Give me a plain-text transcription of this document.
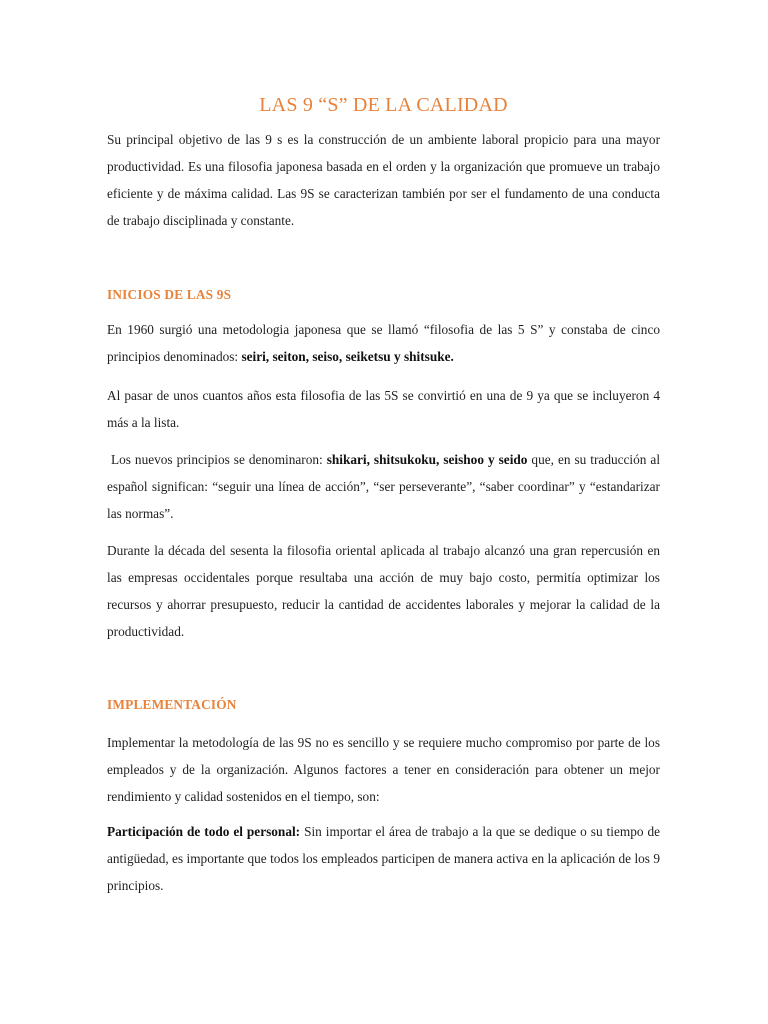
LAS 9 “S” DE LA CALIDAD

Su principal objetivo de las 9 s es la construcción de un ambiente laboral propicio para una mayor productividad. Es una filosofia japonesa basada en el orden y la organización que promueve un trabajo eficiente y de máxima calidad. Las 9S se caracterizan también por ser el fundamento de una conducta de trabajo disciplinada y constante.

INICIOS DE LAS 9S

En 1960 surgió una metodologia japonesa que se llamó “filosofia de las 5 S” y constaba de cinco principios denominados: seiri, seiton, seiso, seiketsu y shitsuke.

Al pasar de unos cuantos años esta filosofia de las 5S se convirtió en una de 9 ya que se incluyeron 4 más a la lista.

Los nuevos principios se denominaron: shikari, shitsukoku, seishoo y seido que, en su traducción al español significan: “seguir una línea de acción”, “ser perseverante”, “saber coordinar” y “estandarizar las normas”.

Durante la década del sesenta la filosofia oriental aplicada al trabajo alcanzó una gran repercusión en las empresas occidentales porque resultaba una acción de muy bajo costo, permitía optimizar los recursos y ahorrar presupuesto, reducir la cantidad de accidentes laborales y mejorar la calidad de la productividad.

IMPLEMENTACIÓN

Implementar la metodología de las 9S no es sencillo y se requiere mucho compromiso por parte de los empleados y de la organización. Algunos factores a tener en consideración para obtener un mejor rendimiento y calidad sostenidos en el tiempo, son:

Participación de todo el personal: Sin importar el área de trabajo a la que se dedique o su tiempo de antigüedad, es importante que todos los empleados participen de manera activa en la aplicación de los 9 principios.
